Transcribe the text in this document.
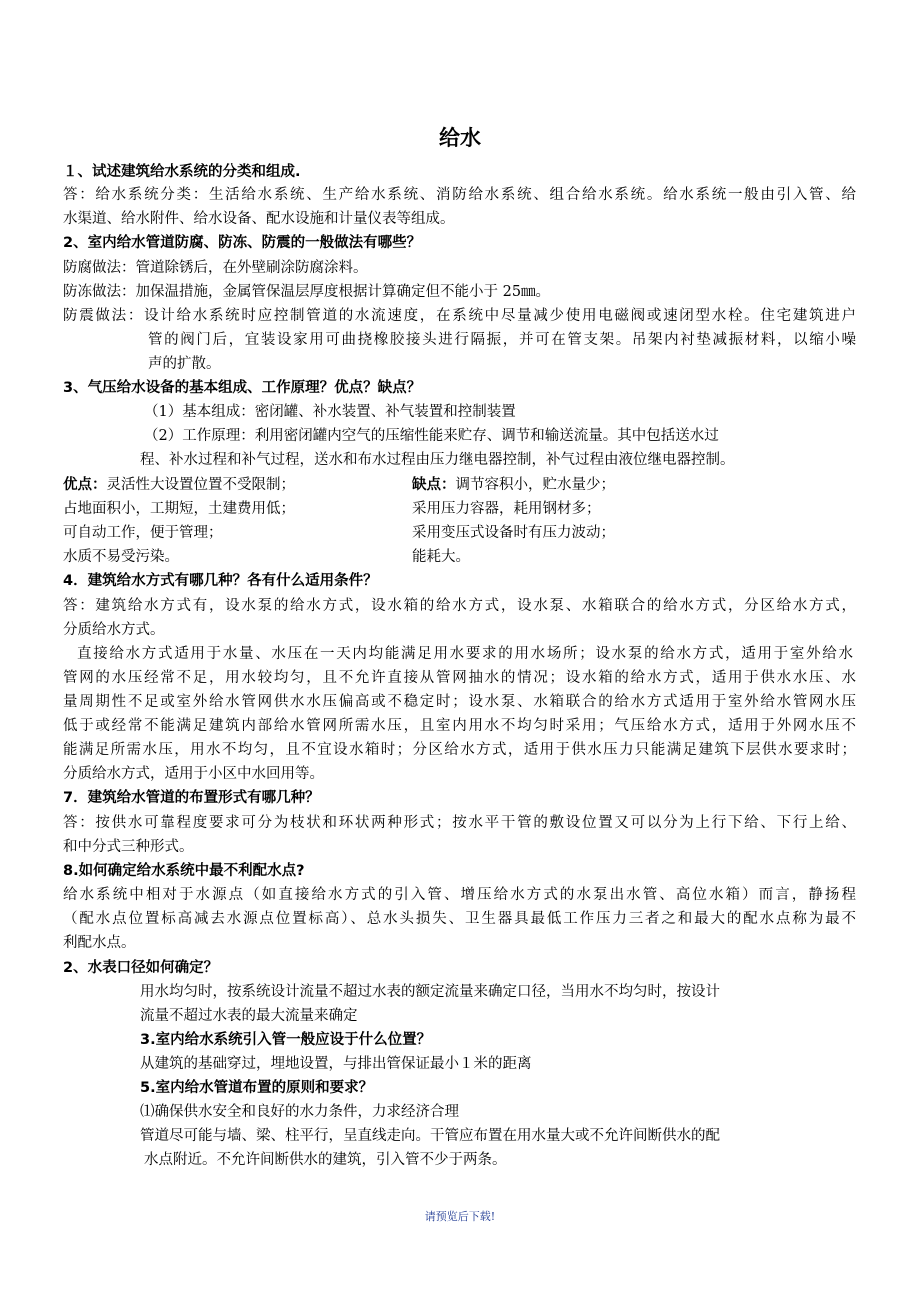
给水
１、试述建筑给水系统的分类和组成.
答：给水系统分类：生活给水系统、生产给水系统、消防给水系统、组合给水系统。给水系统一般由引入管、给
水渠道、给水附件、给水设备、配水设施和计量仪表等组成。
2、室内给水管道防腐、防冻、防震的一般做法有哪些？
防腐做法：管道除锈后，在外壁刷涂防腐涂料。
防冻做法：加保温措施，金属管保温层厚度根据计算确定但不能小于 25㎜。
防震做法：设计给水系统时应控制管道的水流速度，在系统中尽量减少使用电磁阀或速闭型水栓。住宅建筑进户
管的阀门后，宜装设家用可曲挠橡胶接头进行隔振，并可在管支架。吊架内衬垫减振材料，以缩小噪
声的扩散。
3、气压给水设备的基本组成、工作原理？优点？缺点？
（1）基本组成：密闭罐、补水装置、补气装置和控制装置
（2）工作原理：利用密闭罐内空气的压缩性能来贮存、调节和输送流量。其中包括送水过
程、补水过程和补气过程，送水和布水过程由压力继电器控制，补气过程由液位继电器控制。
优点：灵活性大设置位置不受限制；
占地面积小，工期短，土建费用低；
可自动工作，便于管理；
水质不易受污染。
缺点：调节容积小，贮水量少；
采用压力容器，耗用钢材多；
采用变压式设备时有压力波动；
能耗大。
4．建筑给水方式有哪几种？各有什么适用条件？
答：建筑给水方式有，设水泵的给水方式，设水箱的给水方式，设水泵、水箱联合的给水方式，分区给水方式，
分质给水方式。
直接给水方式适用于水量、水压在一天内均能满足用水要求的用水场所；设水泵的给水方式，适用于室外给水
管网的水压经常不足，用水较均匀，且不允许直接从管网抽水的情况；设水箱的给水方式，适用于供水水压、水
量周期性不足或室外给水管网供水水压偏高或不稳定时；设水泵、水箱联合的给水方式适用于室外给水管网水压
低于或经常不能满足建筑内部给水管网所需水压，且室内用水不均匀时采用；气压给水方式，适用于外网水压不
能满足所需水压，用水不均匀，且不宜设水箱时；分区给水方式，适用于供水压力只能满足建筑下层供水要求时；
分质给水方式，适用于小区中水回用等。
7．建筑给水管道的布置形式有哪几种？
答：按供水可靠程度要求可分为枝状和环状两种形式；按水平干管的敷设位置又可以分为上行下给、下行上给、
和中分式三种形式。
8.如何确定给水系统中最不利配水点?
给水系统中相对于水源点（如直接给水方式的引入管、增压给水方式的水泵出水管、高位水箱）而言，静扬程
（配水点位置标高减去水源点位置标高）、总水头损失、卫生器具最低工作压力三者之和最大的配水点称为最不
利配水点。
2、水表口径如何确定？
用水均匀时，按系统设计流量不超过水表的额定流量来确定口径，当用水不均匀时，按设计
流量不超过水表的最大流量来确定
3.室内给水系统引入管一般应设于什么位置？
从建筑的基础穿过，埋地设置，与排出管保证最小１米的距离
5.室内给水管道布置的原则和要求？
⑴确保供水安全和良好的水力条件，力求经济合理
管道尽可能与墙、梁、柱平行，呈直线走向。干管应布置在用水量大或不允许间断供水的配
水点附近。不允许间断供水的建筑，引入管不少于两条。
请预览后下载!
